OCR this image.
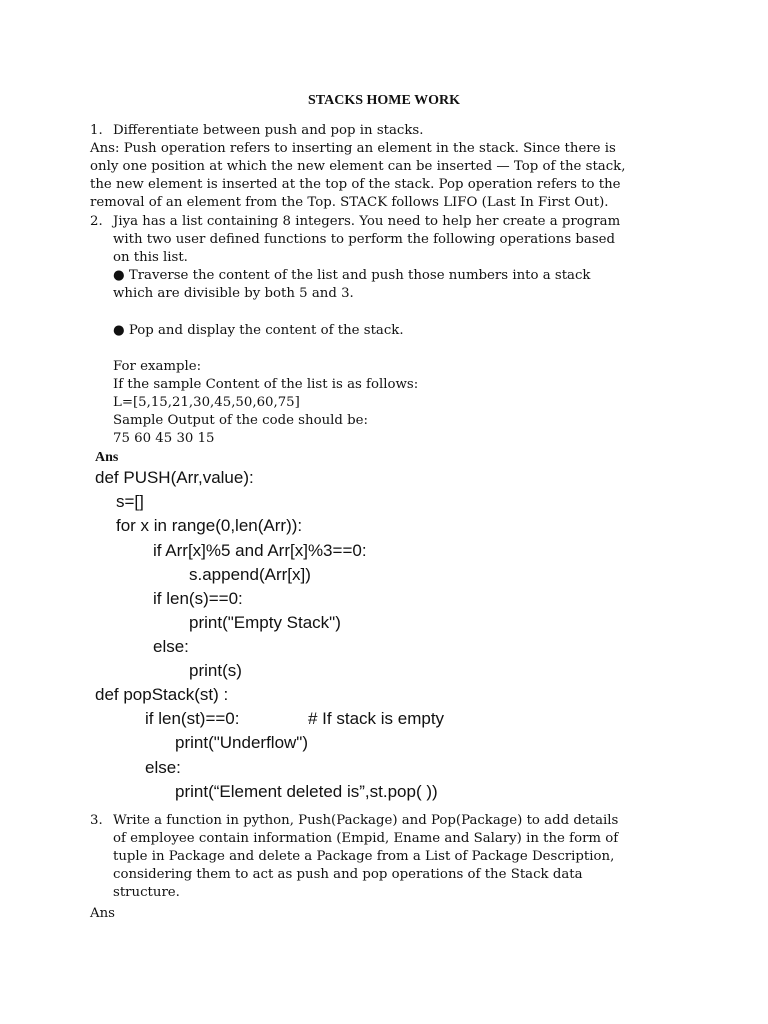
STACKS HOME WORK
1. Differentiate between push and pop in stacks.
Ans: Push operation refers to inserting an element in the stack. Since there is
only one position at which the new element can be inserted — Top of the stack,
the new element is inserted at the top of the stack. Pop operation refers to the
removal of an element from the Top. STACK follows LIFO (Last In First Out).
2. Jiya has a list containing 8 integers. You need to help her create a program
with two user defined functions to perform the following operations based
on this list.
● Traverse the content of the list and push those numbers into a stack
which are divisible by both 5 and 3.
● Pop and display the content of the stack.
For example:
If the sample Content of the list is as follows:
L=[5,15,21,30,45,50,60,75]
Sample Output of the code should be:
75 60 45 30 15
Ans
def PUSH(Arr,value):
s=[]
for x in range(0,len(Arr)):
if Arr[x]%5 and Arr[x]%3==0:
s.append(Arr[x])
if len(s)==0:
print("Empty Stack")
else:
print(s)
def popStack(st) :
if len(st)==0:	# If stack is empty
print("Underflow")
else:
print(“Element deleted is”,st.pop( ))
3. Write a function in python, Push(Package) and Pop(Package) to add details
of employee contain information (Empid, Ename and Salary) in the form of
tuple in Package and delete a Package from a List of Package Description,
considering them to act as push and pop operations of the Stack data
structure.
Ans
